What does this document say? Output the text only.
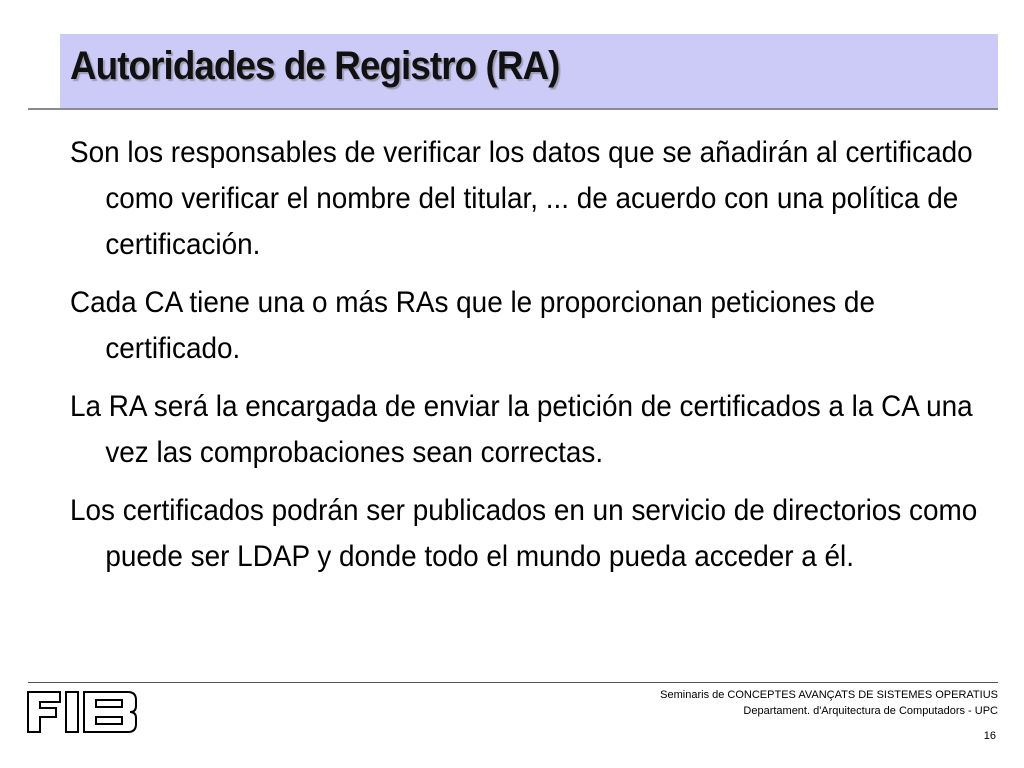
Autoridades de Registro (RA)

Son los responsables de verificar los datos que se añadirán al certificado como verificar el nombre del titular, ... de acuerdo con una política de certificación.

Cada CA tiene una o más RAs que le proporcionan peticiones de certificado.

La RA será la encargada de enviar la petición de certificados a la CA una vez las comprobaciones sean correctas.

Los certificados podrán ser publicados en un servicio de directorios como puede ser LDAP y donde todo el mundo pueda acceder a él.

Seminaris de CONCEPTES AVANÇATS DE SISTEMES OPERATIUS
Departament. d'Arquitectura de Computadors - UPC
16
